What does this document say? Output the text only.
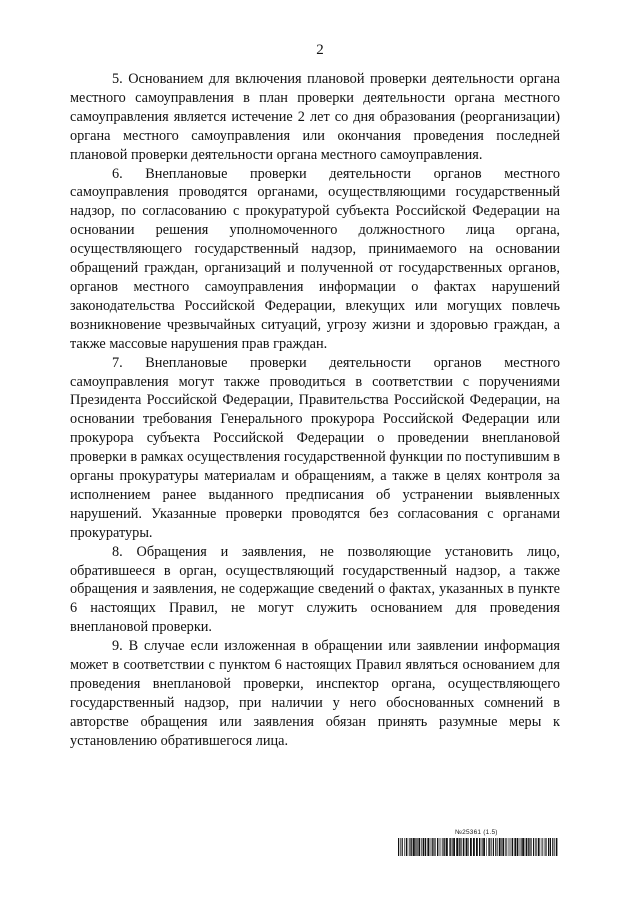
2

5. Основанием для включения плановой проверки деятельности органа местного самоуправления в план проверки деятельности органа местного самоуправления является истечение 2 лет со дня образования (реорганизации) органа местного самоуправления или окончания проведения последней плановой проверки деятельности органа местного самоуправления.

6. Внеплановые проверки деятельности органов местного самоуправления проводятся органами, осуществляющими государственный надзор, по согласованию с прокуратурой субъекта Российской Федерации на основании решения уполномоченного должностного лица органа, осуществляющего государственный надзор, принимаемого на основании обращений граждан, организаций и полученной от государственных органов, органов местного самоуправления информации о фактах нарушений законодательства Российской Федерации, влекущих или могущих повлечь возникновение чрезвычайных ситуаций, угрозу жизни и здоровью граждан, а также массовые нарушения прав граждан.

7. Внеплановые проверки деятельности органов местного самоуправления могут также проводиться в соответствии с поручениями Президента Российской Федерации, Правительства Российской Федерации, на основании требования Генерального прокурора Российской Федерации или прокурора субъекта Российской Федерации о проведении внеплановой проверки в рамках осуществления государственной функции по поступившим в органы прокуратуры материалам и обращениям, а также в целях контроля за исполнением ранее выданного предписания об устранении выявленных нарушений. Указанные проверки проводятся без согласования с органами прокуратуры.

8. Обращения и заявления, не позволяющие установить лицо, обратившееся в орган, осуществляющий государственный надзор, а также обращения и заявления, не содержащие сведений о фактах, указанных в пункте 6 настоящих Правил, не могут служить основанием для проведения внеплановой проверки.

9. В случае если изложенная в обращении или заявлении информация может в соответствии с пунктом 6 настоящих Правил являться основанием для проведения внеплановой проверки, инспектор органа, осуществляющего государственный надзор, при наличии у него обоснованных сомнений в авторстве обращения или заявления обязан принять разумные меры к установлению обратившегося лица.

№25361 (1.5)
